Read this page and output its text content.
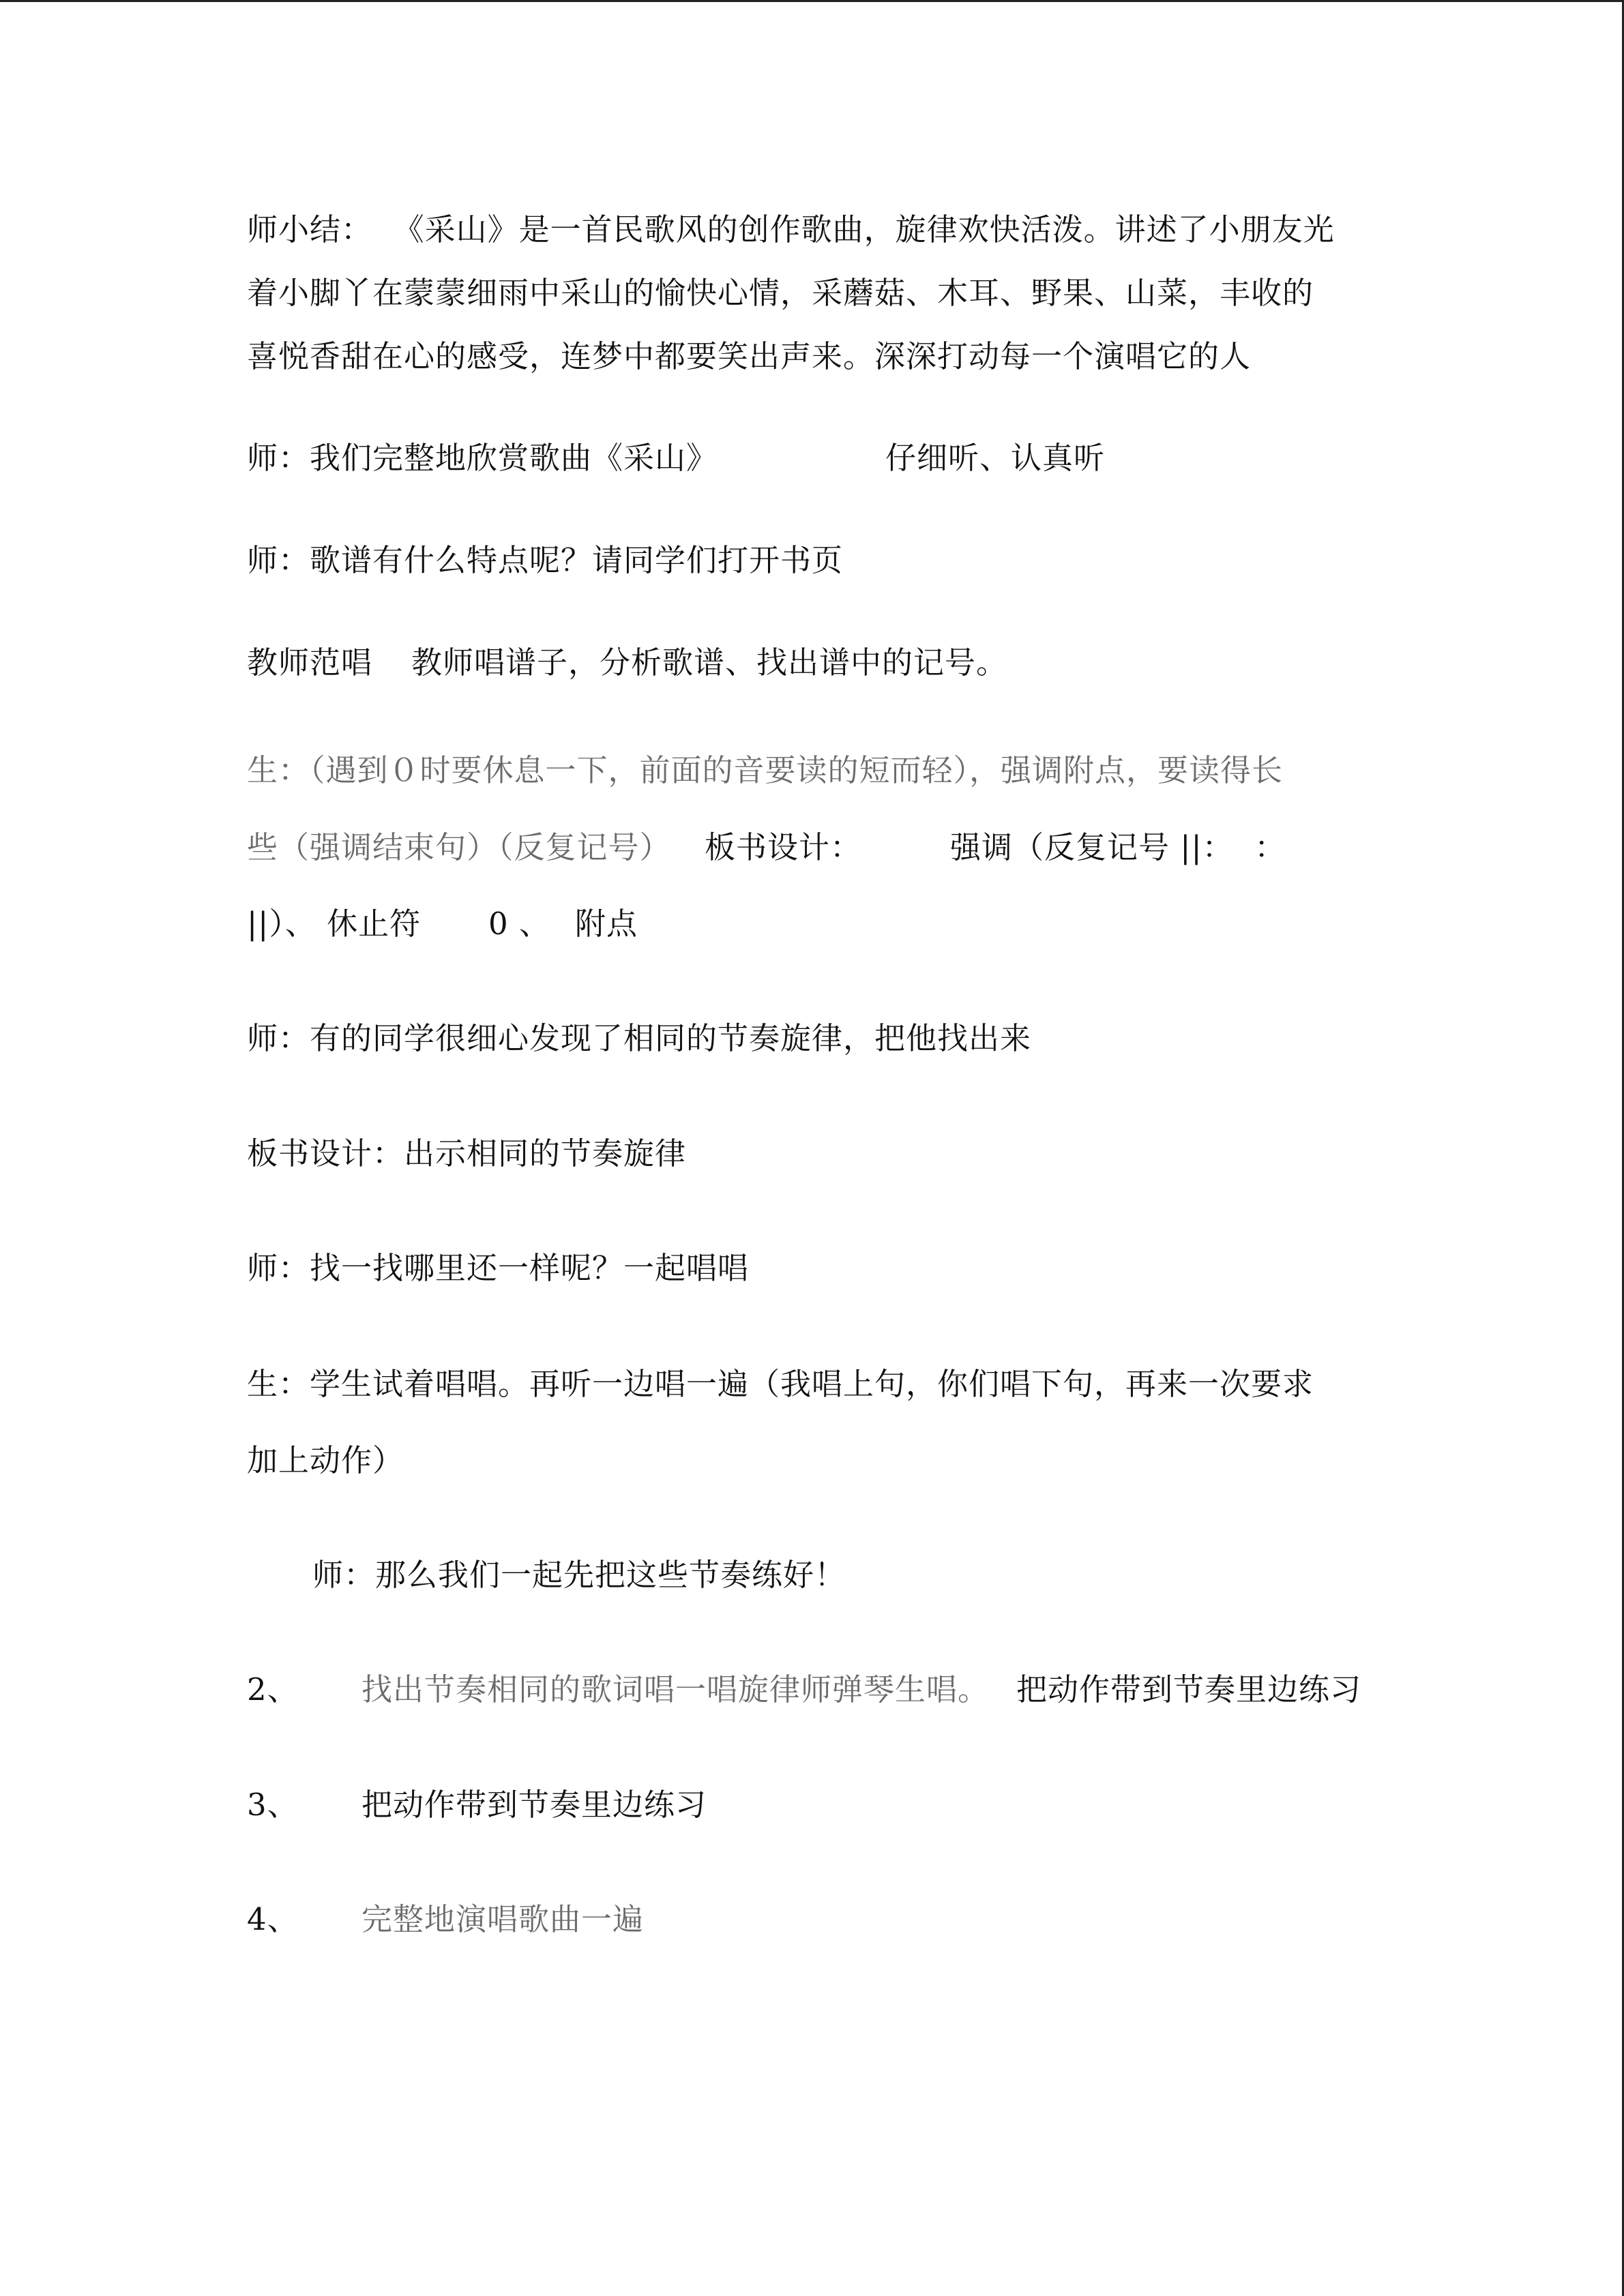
师小结：  《采山》是一首民歌风的创作歌曲，旋律欢快活泼。讲述了小朋友光
着小脚丫在蒙蒙细雨中采山的愉快心情，采蘑菇、木耳、野果、山菜，丰收的
喜悦香甜在心的感受，连梦中都要笑出声来。深深打动每一个演唱它的人
师：我们完整地欣赏歌曲《采山》	仔细听、认真听
师：歌谱有什么特点呢？请同学们打开书页
教师范唱 教师唱谱子，分析歌谱、找出谱中的记号。
生：（遇到０时要休息一下，前面的音要读的短而轻），强调附点，要读得长
些（强调结束句）（反复记号） 板书设计：	强调（反复记号 ||：  ：
||）、 休止符 0 、 附点
师：有的同学很细心发现了相同的节奏旋律，把他找出来
板书设计：出示相同的节奏旋律
师：找一找哪里还一样呢？一起唱唱
生：学生试着唱唱。再听一边唱一遍（我唱上句，你们唱下句，再来一次要求
加上动作）
师：那么我们一起先把这些节奏练好！
2、 找出节奏相同的歌词唱一唱旋律师弹琴生唱。 把动作带到节奏里边练习
3、 把动作带到节奏里边练习
4、 完整地演唱歌曲一遍
